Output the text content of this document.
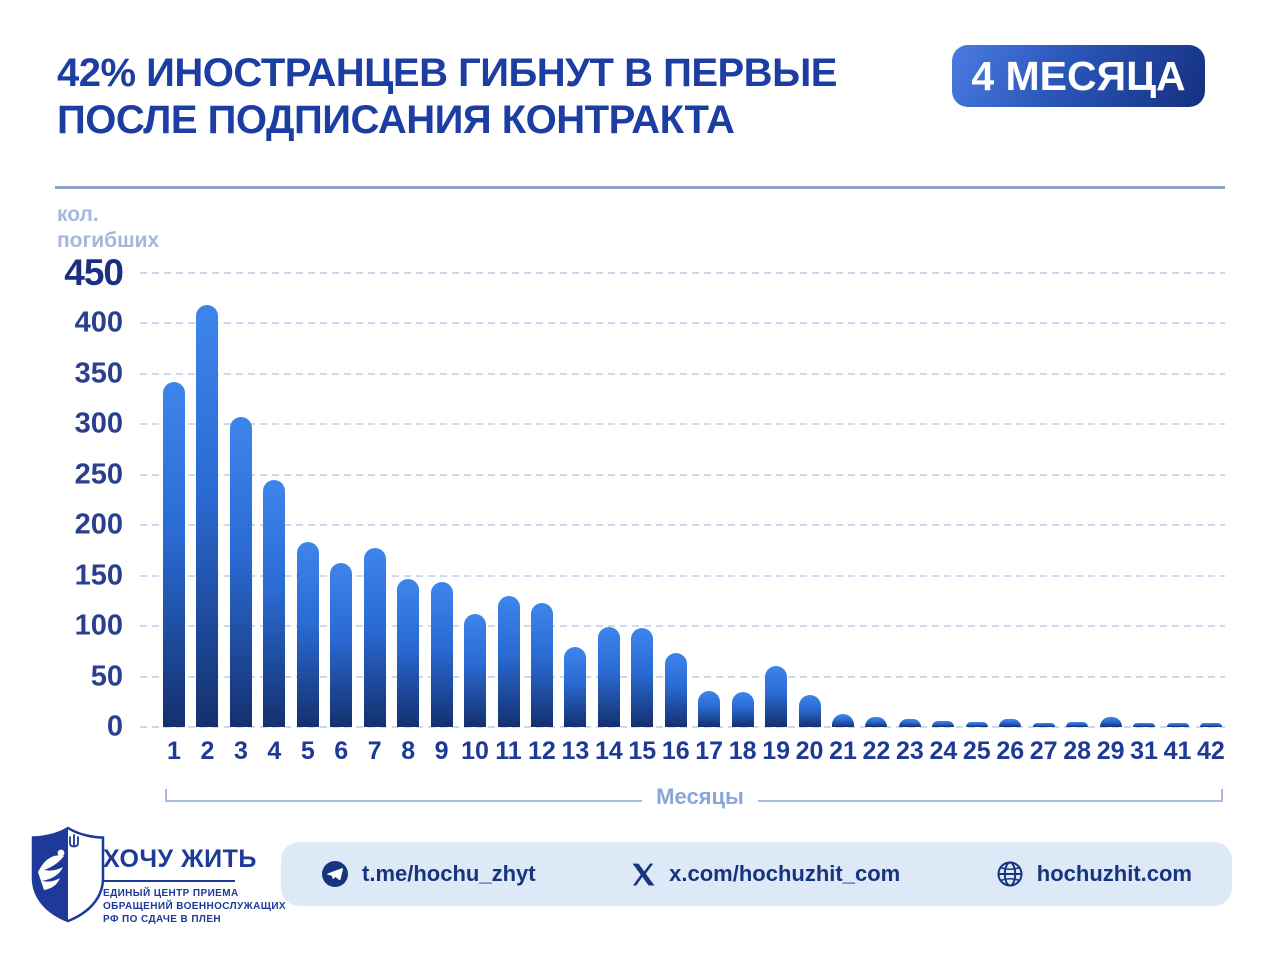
42% ИНОСТРАНЦЕВ ГИБНУТ В ПЕРВЫЕ
ПОСЛЕ ПОДПИСАНИЯ КОНТРАКТА
4 МЕСЯЦА
кол.
погибших
450
400
350
300
250
200
150
100
50
0
1 2 3 4 5 6 7 8 9 10 11 12 13 14 15 16 17 18 19 20 21 22 23 24 25 26 27 28 29 31 41 42
Месяцы
ХОЧУ ЖИТЬ
ЕДИНЫЙ ЦЕНТР ПРИЕМА
ОБРАЩЕНИЙ ВОЕННОСЛУЖАЩИХ
РФ ПО СДАЧЕ В ПЛЕН
t.me/hochu_zhyt	x.com/hochuzhit_com	hochuzhit.com
